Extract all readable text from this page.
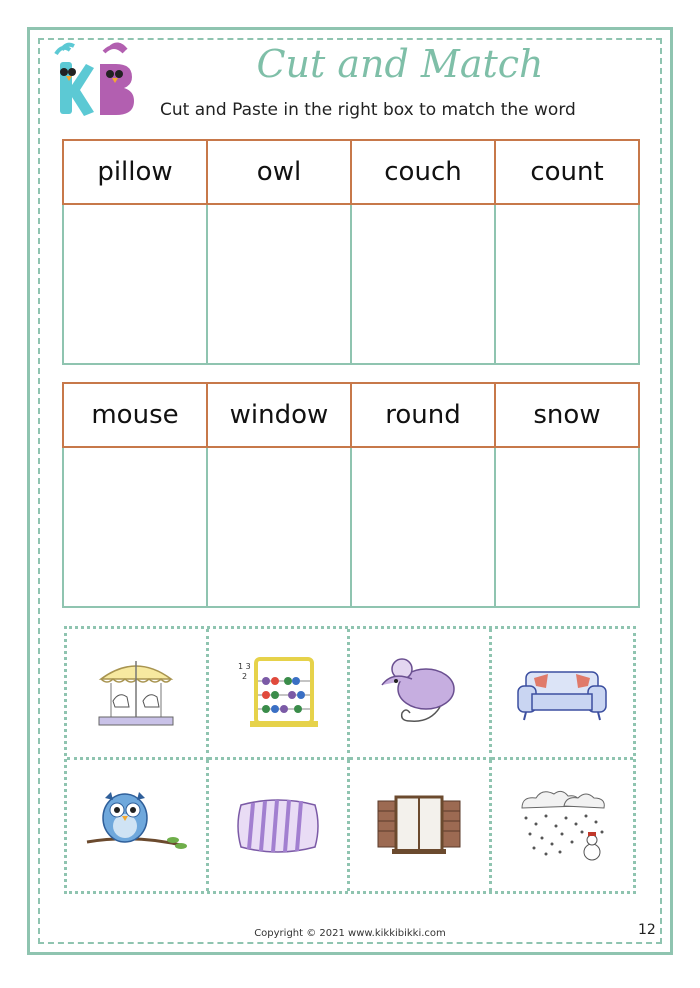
Cut and Match
Cut and Paste in the right box to match the word
pillow	owl	couch	count

mouse	window	round	snow

1 3
2
Copyright © 2021 www.kikkibikki.com	12
